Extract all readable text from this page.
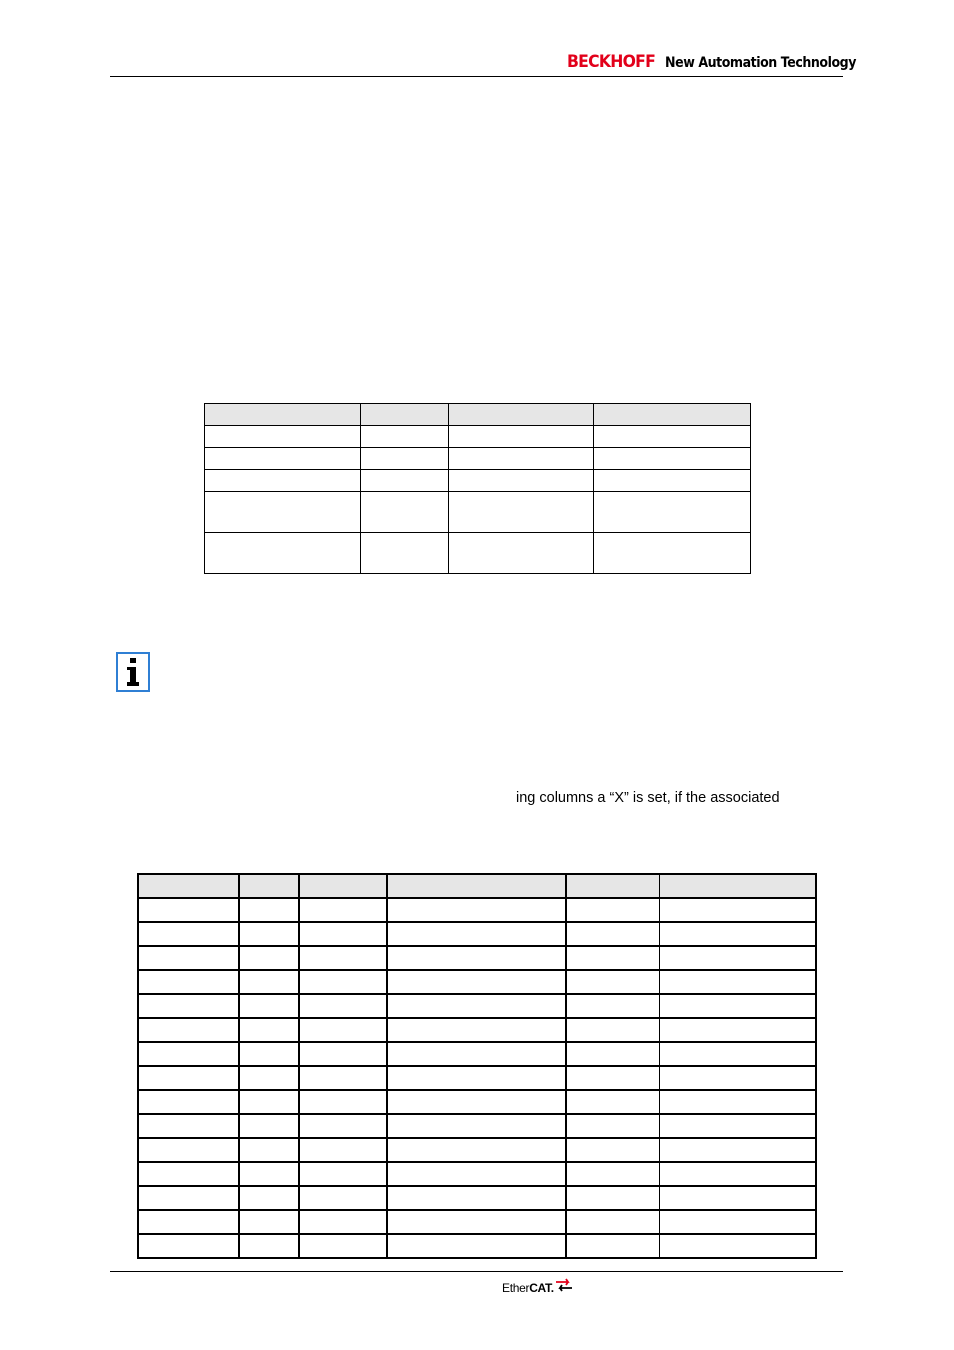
BECKHOFF New Automation Technology

ing columns a “X” is set, if the associated

Ether CAT.
